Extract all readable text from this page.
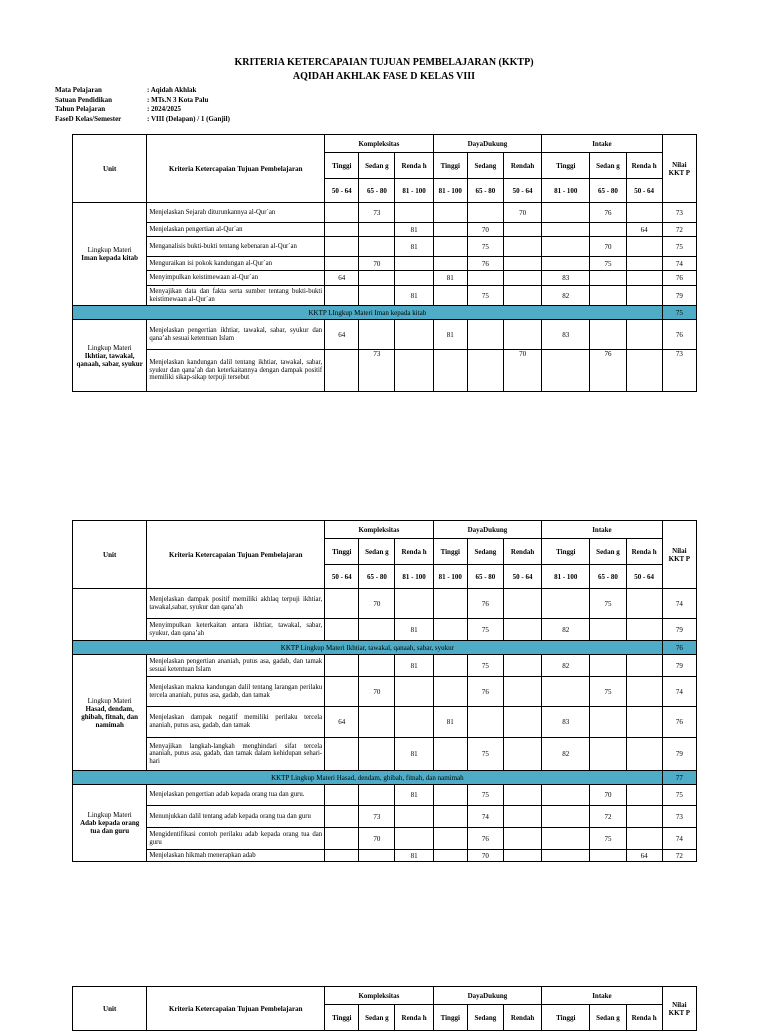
KRITERIA KETERCAPAIAN TUJUAN PEMBELAJARAN (KKTP)
AQIDAH AKHLAK FASE D KELAS VIII
Mata Pelajaran	: Aqidah Akhlak
Satuan Pendidikan	: MTs.N 3 Kota Palu
Tahun Pelajaran	: 2024/2025
FaseD Kelas/Semester	: VIII (Delapan) / 1 (Ganjil)
Unit	Kriteria Ketercapaian Tujuan Pembelajaran	Kompleksitas			DayaDukung			Intake			Nilai KKT P
		Tinggi	Sedan g	Renda h	Tinggi	Sedang	Rendah	Tinggi	Sedan g	Renda h	
		50 - 64	65 - 80	81 - 100	81 - 100	65 - 80	50 - 64	81 - 100	65 - 80	50 - 64	
Lingkup Materi
Iman kepada kitab	Menjelaskan Sejarah diturunkannya al-Qur`an		73				70		76		73
	Menjelaskan pengertian al-Qur`an			81		70				64	72
	Menganalisis bukti-bukti tentang kebenaran al-Qur`an			81		75			70		75
	Menguraikan isi pokok kandungan al-Qur`an		70			76			75		74
	Menyimpulkan keistimewaan al-Qur`an	64			81			83			76
	Menyajikan data dan fakta serta sumber tentang bukti-bukti keistimewaan al-Qur`an			81		75		82			79
KKTP LIngkup Materi Iman kepada kitab											75
Lingkup Materi
Ikhtiar, tawakal, qanaah, sabar, syukur	Menjelaskan pengertian ikhtiar, tawakal, sabar, syukur dan qana’ah sesuai ketentuan Islam	64			81			83			76
	Menjelaskan kandungan dalil tentang ikhtiar, tawakal, sabar, syukur dan qana’ah dan keterkaitannya dengan dampak positif memiliki sikap-sikap terpuji tersebut		73				70		76		73
Unit	Kriteria Ketercapaian Tujuan Pembelajaran	Kompleksitas			DayaDukung			Intake			Nilai KKT P
		Tinggi	Sedan g	Renda h	Tinggi	Sedang	Rendah	Tinggi	Sedan g	Renda h	
		50 - 64	65 - 80	81 - 100	81 - 100	65 - 80	50 - 64	81 - 100	65 - 80	50 - 64	
	Menjelaskan dampak positif memiliki akhlaq terpuji ikhtiar, tawakal,sabar, syukur dan qana’ah		70			76			75		74
	Menyimpulkan keterkaitan antara ikhtiar, tawakal, sabar, syukur, dan qana’ah			81		75		82			79
KKTP Lingkup Materi Ikhtiar, tawakal, qanaah, sabar, syukur											76
Lingkup Materi
Hasad, dendam, ghibah, fitnah, dan namimah	Menjelaskan pengertian ananiah, putus asa, gadab, dan tamak sesuai ketentuan Islam			81		75		82			79
	Menjelaskan makna kandungan dalil tentang larangan perilaku tercela ananiah, putus asa, gadab, dan tamak		70			76			75		74
	Menjelaskan dampak negatif memiliki perilaku tercela ananiah, putus asa, gadab, dan tamak	64			81			83			76
	Menyajikan langkah-langkah menghindari sifat tercela ananiah, putus asa, gadab, dan tamak dalam kehidupan sehari-hari			81		75		82			79
KKTP Lingkup Materi Hasad, dendam, ghibah, fitnah, dan namimah											77
Lingkup Materi
Adab kepada orang tua dan guru	Menjelaskan pengertian adab kepada orang tua dan guru.			81		75			70		75
	Menunjukkan dalil tentang adab kepada orang tua dan guru		73			74			72		73
	Mengidentifikasi contoh perilaku adab kepada orang tua dan guru		70			76			75		74
	Menjelaskan hikmah menerapkan adab			81		70				64	72
Unit	Kriteria Ketercapaian Tujuan Pembelajaran	Kompleksitas			DayaDukung			Intake			Nilai KKT P
		Tinggi	Sedan g	Renda h	Tinggi	Sedang	Rendah	Tinggi	Sedan g	Renda h	
